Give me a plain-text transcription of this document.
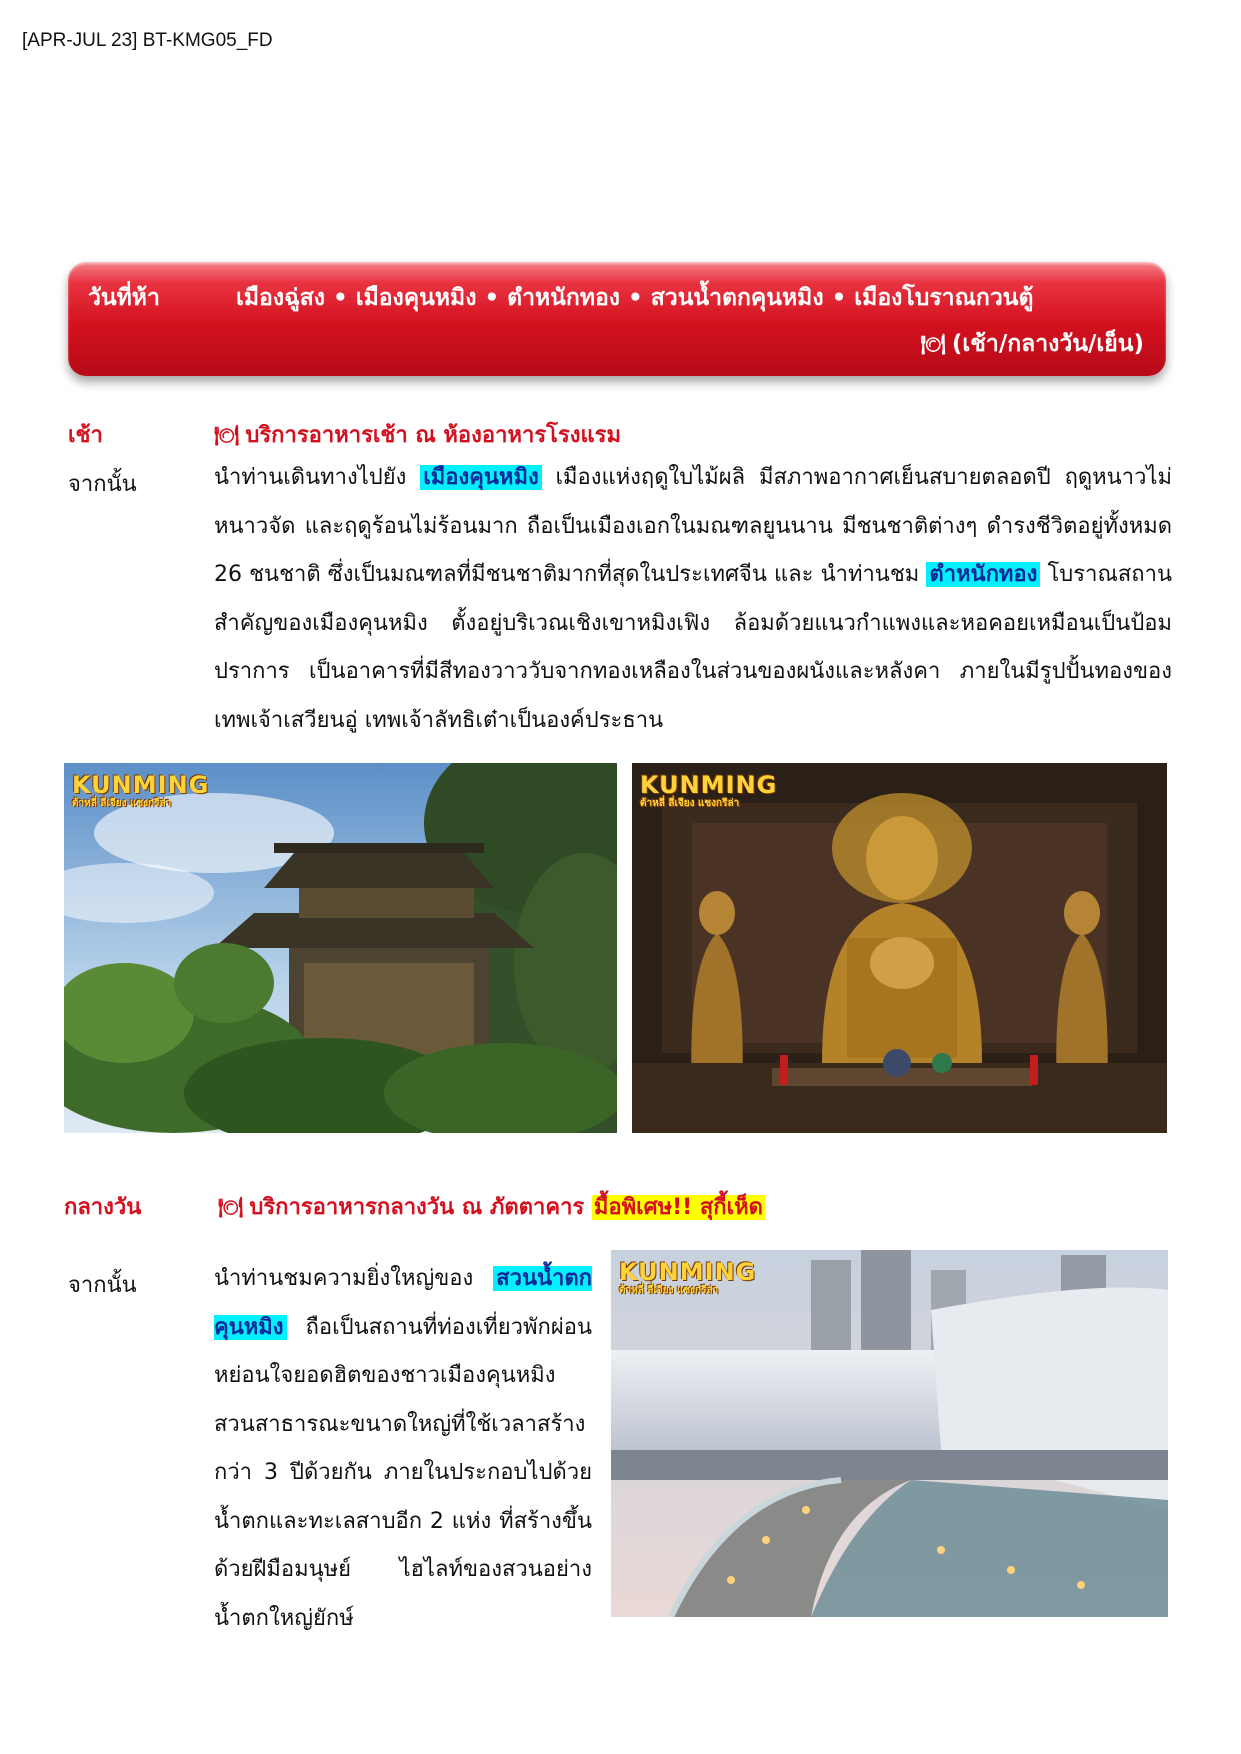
[APR-JUL 23] BT-KMG05_FD
วันที่ห้า	เมืองฉู่สง • เมืองคุนหมิง • ตำหนักทอง • สวนน้ำตกคุนหมิง • เมืองโบราณกวนตู้
🍽 (เช้า/กลางวัน/เย็น)
เช้า	🍽 บริการอาหารเช้า ณ ห้องอาหารโรงแรม
จากนั้น	นำท่านเดินทางไปยัง เมืองคุนหมิง เมืองแห่งฤดูใบไม้ผลิ มีสภาพอากาศเย็นสบายตลอดปี ฤดูหนาวไม่หนาวจัด และฤดูร้อนไม่ร้อนมาก ถือเป็นเมืองเอกในมณฑลยูนนาน มีชนชาติต่างๆ ดำรงชีวิตอยู่ทั้งหมด 26 ชนชาติ ซึ่งเป็นมณฑลที่มีชนชาติมากที่สุดในประเทศจีน และ นำท่านชม ตำหนักทอง โบราณสถานสำคัญของเมืองคุนหมิง ตั้งอยู่บริเวณเชิงเขาหมิงเฟิง ล้อมด้วยแนวกำแพงและหอคอยเหมือนเป็นป้อมปราการ เป็นอาคารที่มีสีทองวาววับจากทองเหลืองในส่วนของผนังและหลังคา ภายในมีรูปปั้นทองของ เทพเจ้าเสวียนอู่ เทพเจ้าลัทธิเต๋าเป็นองค์ประธาน

KUNMING
ต้าหลี่ ลี่เจียง แชงกรีล่า
KUNMING
ต้าหลี่ ลี่เจียง แชงกรีล่า
กลางวัน	🍽 บริการอาหารกลางวัน ณ ภัตตาคาร มื้อพิเศษ!! สุกี้เห็ด
จากนั้น	นำท่านชมความยิ่งใหญ่ของ สวนน้ำตกคุนหมิง ถือเป็นสถานที่ท่องเที่ยวพักผ่อนหย่อนใจยอดฮิตของชาวเมืองคุนหมิง สวนสาธารณะขนาดใหญ่ที่ใช้เวลาสร้างกว่า 3 ปีด้วยกัน ภายในประกอบไปด้วยน้ำตกและทะเลสาบอีก 2 แห่ง ที่สร้างขึ้นด้วยฝีมือมนุษย์ ไฮไลท์ของสวนอย่างน้ำตกใหญ่ยักษ์

KUNMING
ต้าหลี่ ลี่เจียง แชงกรีล่า
